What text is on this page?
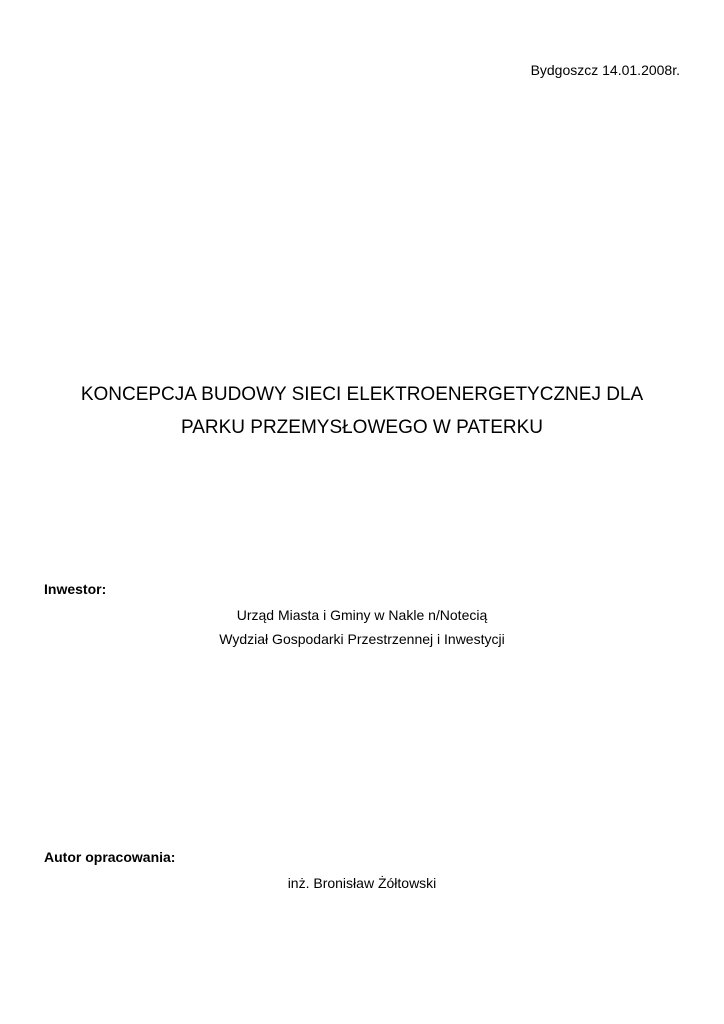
Bydgoszcz 14.01.2008r.
KONCEPCJA BUDOWY SIECI ELEKTROENERGETYCZNEJ DLA
PARKU PRZEMYSŁOWEGO W PATERKU
Inwestor:
Urząd Miasta i Gminy w Nakle n/Notecią
Wydział Gospodarki Przestrzennej i Inwestycji
Autor opracowania:
inż. Bronisław Żółtowski
